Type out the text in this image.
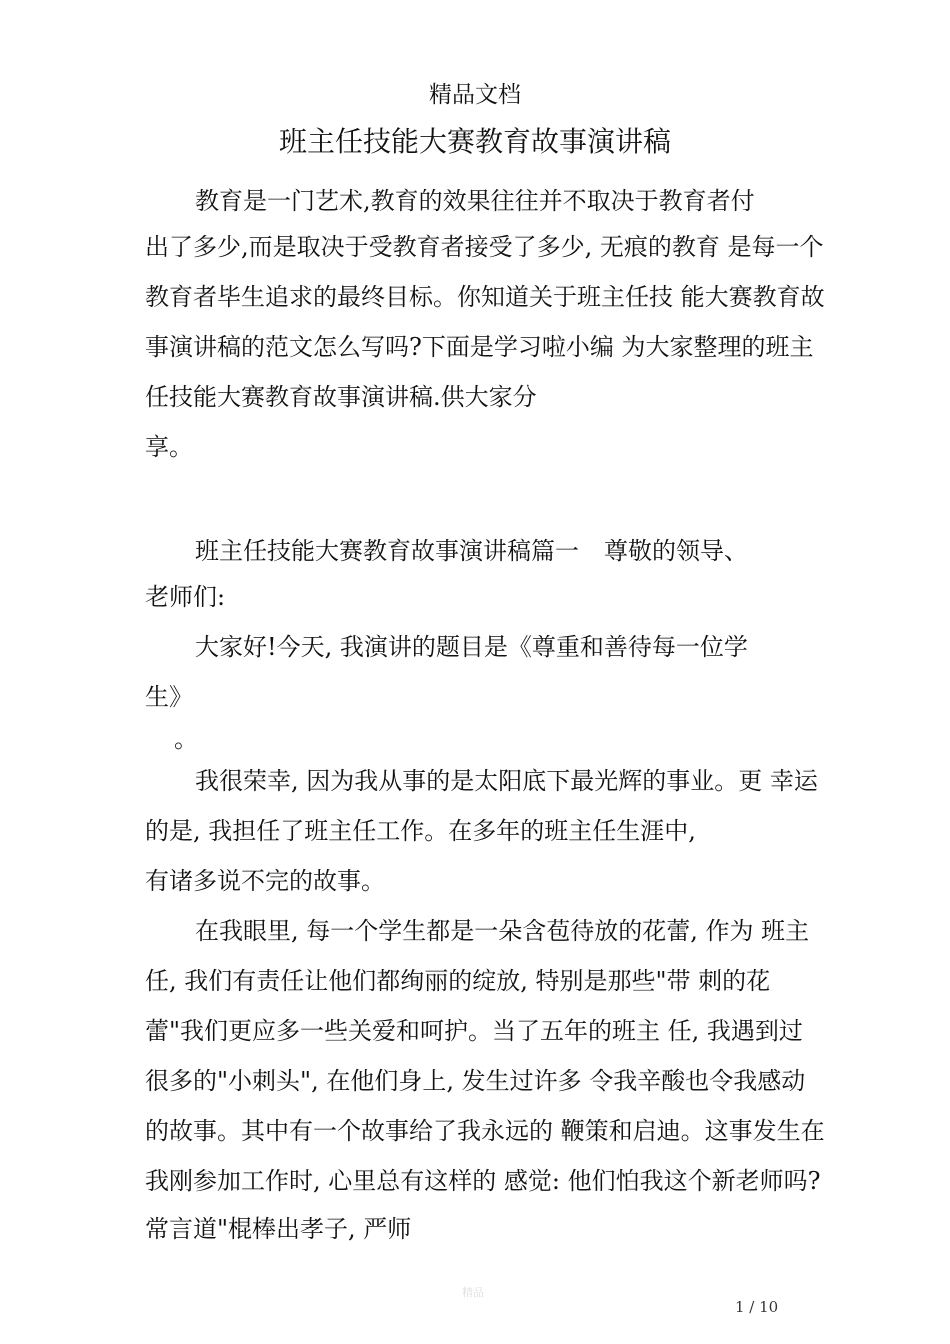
精品文档
班主任技能大赛教育故事演讲稿
教育是一门艺术,教育的效果往往并不取决于教育者付
出了多少,而是取决于受教育者接受了多少, 无痕的教育 是每一个
教育者毕生追求的最终目标。你知道关于班主任技 能大赛教育故
事演讲稿的范文怎么写吗?下面是学习啦小编 为大家整理的班主
任技能大赛教育故事演讲稿.供大家分
享。
班主任技能大赛教育故事演讲稿篇一 尊敬的领导、
老师们:
大家好!今天, 我演讲的题目是《尊重和善待每一位学
生》
。
我很荣幸, 因为我从事的是太阳底下最光辉的事业。更 幸运
的是, 我担任了班主任工作。在多年的班主任生涯中,
有诸多说不完的故事。
在我眼里, 每一个学生都是一朵含苞待放的花蕾, 作为 班主
任, 我们有责任让他们都绚丽的绽放, 特别是那些"带 刺的花
蕾"我们更应多一些关爱和呵护。当了五年的班主 任, 我遇到过
很多的"小刺头", 在他们身上, 发生过许多 令我辛酸也令我感动
的故事。其中有一个故事给了我永远的 鞭策和启迪。这事发生在
我刚参加工作时, 心里总有这样的 感觉: 他们怕我这个新老师吗?
常言道"棍棒出孝子, 严师
精品
1 / 10
